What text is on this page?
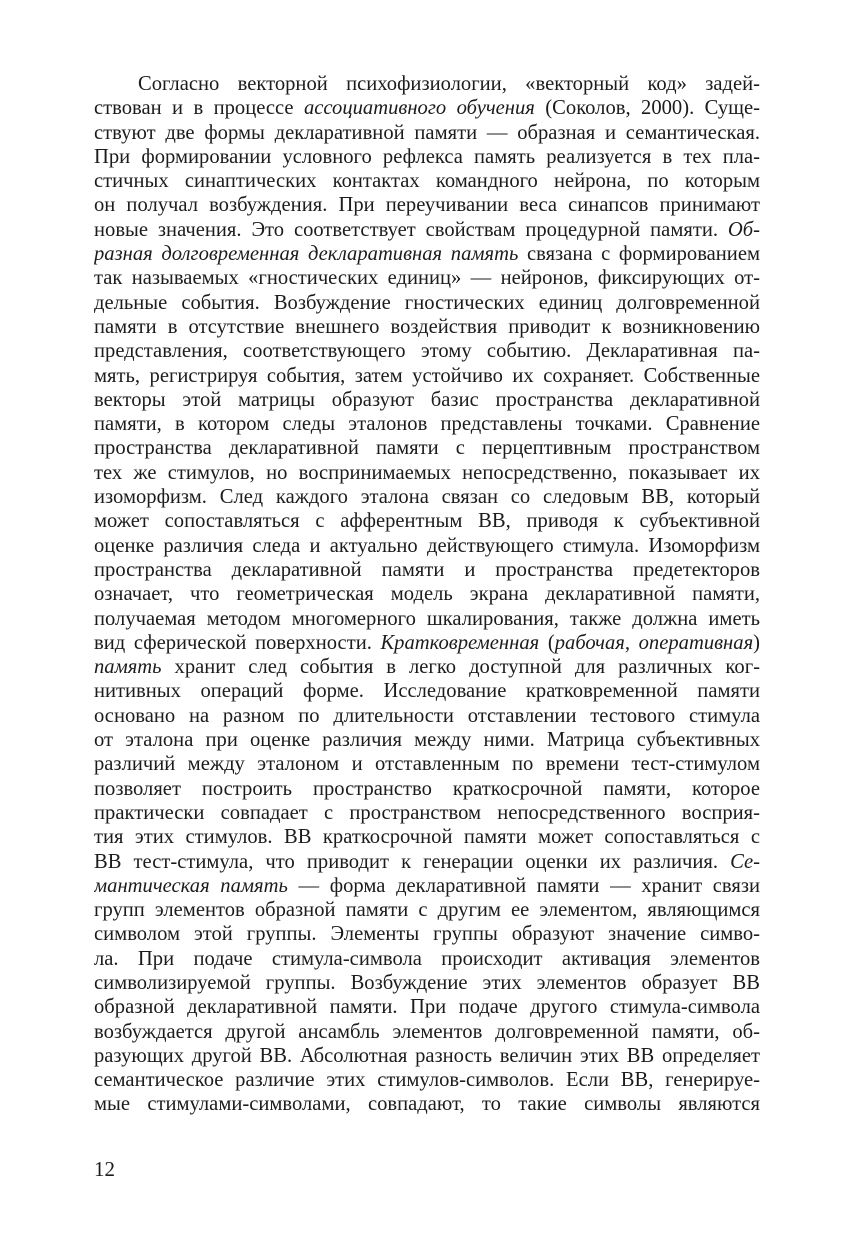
Согласно векторной психофизиологии, «векторный код» задей-
ствован и в процессе ассоциативного обучения (Соколов, 2000). Суще-
ствуют две формы декларативной памяти — образная и семантическая.
При формировании условного рефлекса память реализуется в тех пла-
стичных синаптических контактах командного нейрона, по которым
он получал возбуждения. При переучивании веса синапсов принимают
новые значения. Это соответствует свойствам процедурной памяти. Об-
разная долговременная декларативная память связана с формированием
так называемых «гностических единиц» — нейронов, фиксирующих от-
дельные события. Возбуждение гностических единиц долговременной
памяти в отсутствие внешнего воздействия приводит к возникновению
представления, соответствующего этому событию. Декларативная па-
мять, регистрируя события, затем устойчиво их сохраняет. Собственные
векторы этой матрицы образуют базис пространства декларативной
памяти, в котором следы эталонов представлены точками. Сравнение
пространства декларативной памяти с перцептивным пространством
тех же стимулов, но воспринимаемых непосредственно, показывает их
изоморфизм. След каждого эталона связан со следовым ВВ, который
может сопоставляться с афферентным ВВ, приводя к субъективной
оценке различия следа и актуально действующего стимула. Изоморфизм
пространства декларативной памяти и пространства предетекторов
означает, что геометрическая модель экрана декларативной памяти,
получаемая методом многомерного шкалирования, также должна иметь
вид сферической поверхности. Кратковременная (рабочая, оперативная)
память хранит след события в легко доступной для различных ког-
нитивных операций форме. Исследование кратковременной памяти
основано на разном по длительности отставлении тестового стимула
от эталона при оценке различия между ними. Матрица субъективных
различий между эталоном и отставленным по времени тест-стимулом
позволяет построить пространство краткосрочной памяти, которое
практически совпадает с пространством непосредственного восприя-
тия этих стимулов. ВВ краткосрочной памяти может сопоставляться с
ВВ тест-стимула, что приводит к генерации оценки их различия. Се-
мантическая память — форма декларативной памяти — хранит связи
групп элементов образной памяти с другим ее элементом, являющимся
символом этой группы. Элементы группы образуют значение симво-
ла. При подаче стимула-символа происходит активация элементов
символизируемой группы. Возбуждение этих элементов образует ВВ
образной декларативной памяти. При подаче другого стимула-символа
возбуждается другой ансамбль элементов долговременной памяти, об-
разующих другой ВВ. Абсолютная разность величин этих ВВ определяет
семантическое различие этих стимулов-символов. Если ВВ, генерируе-
мые стимулами-символами, совпадают, то такие символы являются
12
